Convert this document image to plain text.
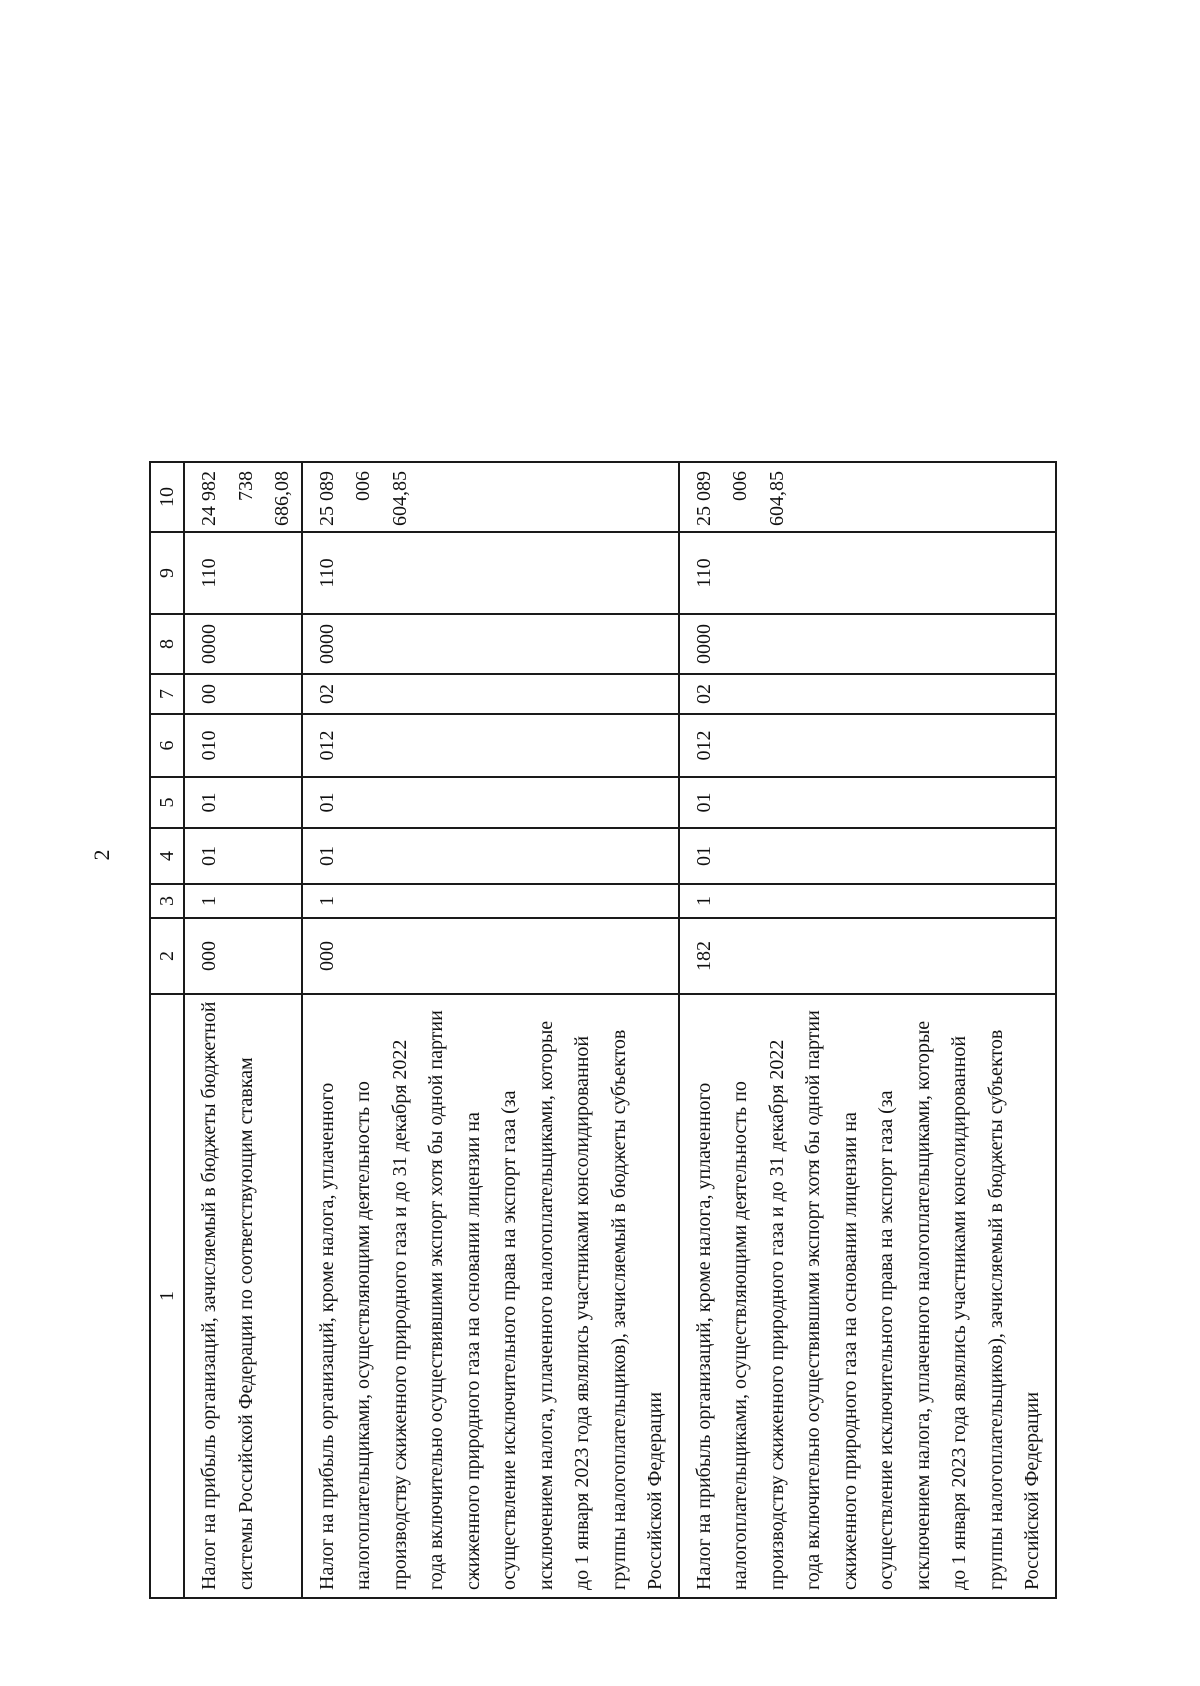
2
1	2	3	4	5	6	7	8	9	10
Налог на прибыль организаций, зачисляемый в бюджеты бюджетной системы Российской Федерации по соответствующим ставкам	000	1	01	01	010	00	0000	110	24 982 738 686,08
Налог на прибыль организаций, кроме налога, уплаченного налогоплательщиками, осуществляющими деятельность по производству сжиженного природного газа и до 31 декабря 2022 года включительно осуществившими экспорт хотя бы одной партии сжиженного природного газа на основании лицензии на осуществление исключительного права на экспорт газа (за исключением налога, уплаченного налогоплательщиками, которые до 1 января 2023 года являлись участниками консолидированной группы налогоплательщиков), зачисляемый в бюджеты субъектов Российской Федерации	000	1	01	01	012	02	0000	110	25 089 006 604,85
Налог на прибыль организаций, кроме налога, уплаченного налогоплательщиками, осуществляющими деятельность по производству сжиженного природного газа и до 31 декабря 2022 года включительно осуществившими экспорт хотя бы одной партии сжиженного природного газа на основании лицензии на осуществление исключительного права на экспорт газа (за исключением налога, уплаченного налогоплательщиками, которые до 1 января 2023 года являлись участниками консолидированной группы налогоплательщиков), зачисляемый в бюджеты субъектов Российской Федерации	182	1	01	01	012	02	0000	110	25 089 006 604,85
